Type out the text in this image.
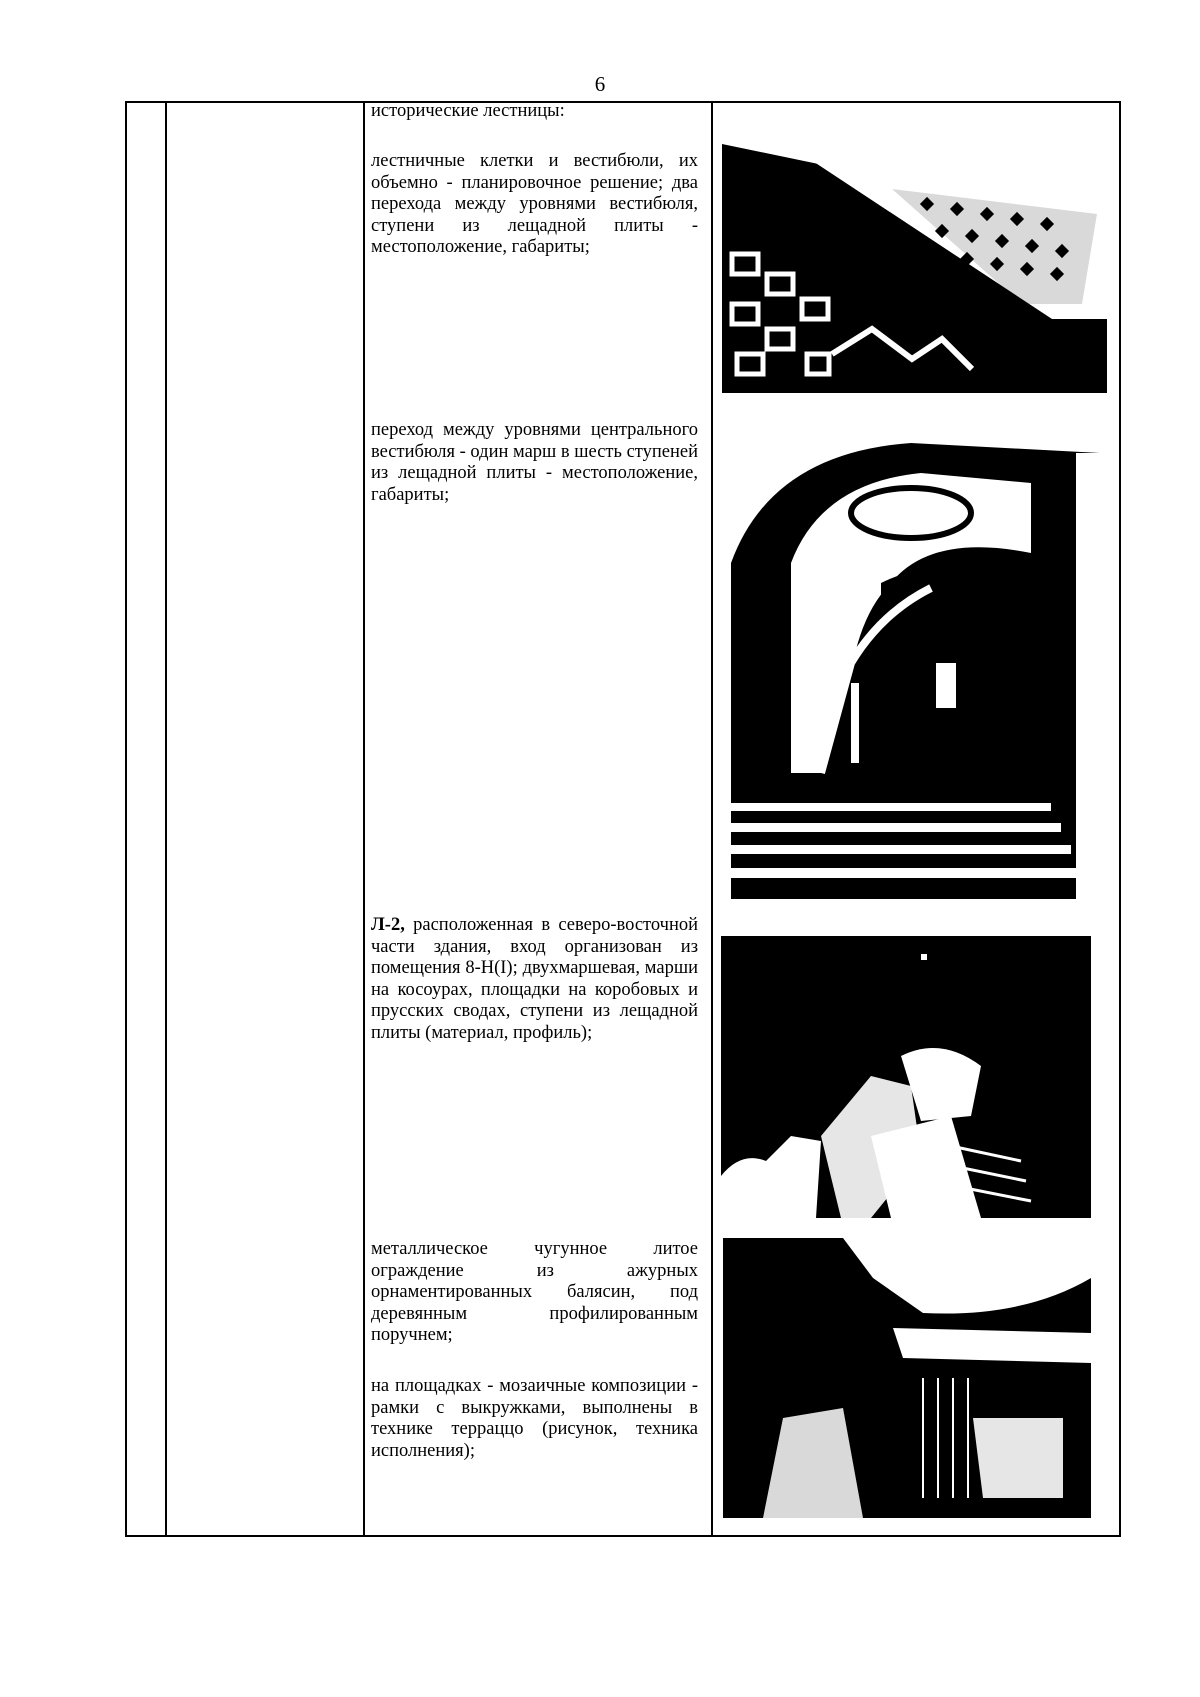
6

исторические лестницы:

лестничные клетки и вестибюли, их объемно - планировочное решение; два перехода между уровнями вестибюля, ступени из лещадной плиты - местоположение, габариты;

переход между уровнями центрального вестибюля - один марш в шесть ступеней из лещадной плиты - местоположение, габариты;

Л-2, расположенная в северо-восточной части здания, вход организован из помещения 8-Н(I); двухмаршевая, марши на косоурах, площадки на коробовых и прусских сводах, ступени из лещадной плиты (материал, профиль);

металлическое чугунное литое ограждение из ажурных орнаментированных балясин, под деревянным профилированным поручнем;

на площадках - мозаичные композиции - рамки с выкружками, выполнены в технике терраццо (рисунок, техника исполнения);
